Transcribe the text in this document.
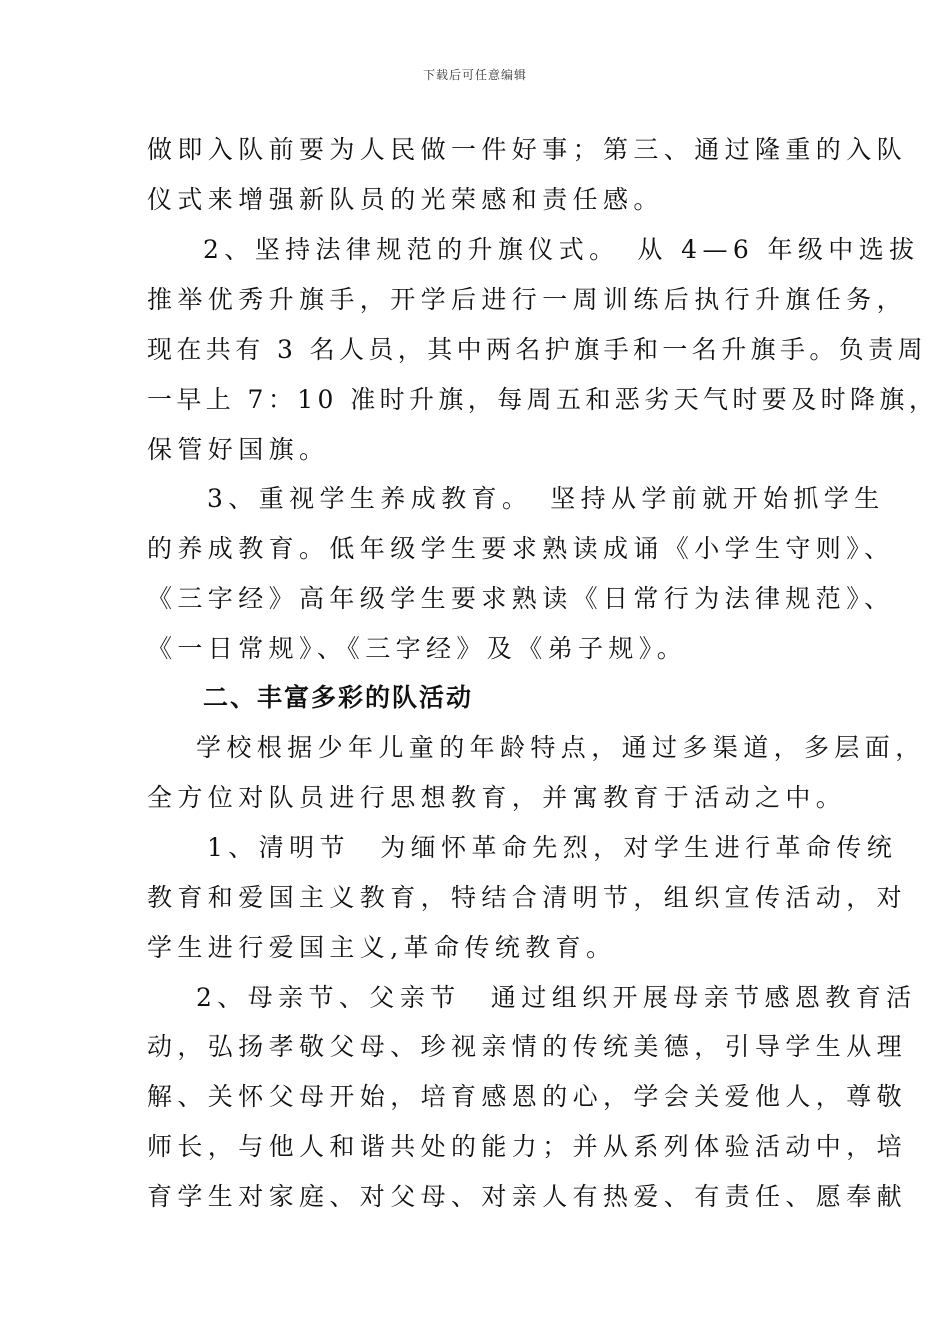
下载后可任意编辑
做即入队前要为人民做一件好事；第三、通过隆重的入队
仪式来增强新队员的光荣感和责任感。
2、坚持法律规范的升旗仪式。　从 4—6 年级中选拔
推举优秀升旗手，开学后进行一周训练后执行升旗任务，
现在共有 3 名人员，其中两名护旗手和一名升旗手。负责周
一早上 7：10 准时升旗，每周五和恶劣天气时要及时降旗，
保管好国旗。
3、重视学生养成教育。　坚持从学前就开始抓学生
的养成教育。低年级学生要求熟读成诵《小学生守则》、
《三字经》高年级学生要求熟读《日常行为法律规范》、
《一日常规》、《三字经》及《弟子规》。
二、丰富多彩的队活动
学校根据少年儿童的年龄特点，通过多渠道，多层面，
全方位对队员进行思想教育，并寓教育于活动之中。
1、清明节　为缅怀革命先烈，对学生进行革命传统
教育和爱国主义教育，特结合清明节，组织宣传活动，对
学生进行爱国主义,革命传统教育。
2、母亲节、父亲节　通过组织开展母亲节感恩教育活
动，弘扬孝敬父母、珍视亲情的传统美德，引导学生从理
解、关怀父母开始，培育感恩的心，学会关爱他人，尊敬
师长，与他人和谐共处的能力；并从系列体验活动中，培
育学生对家庭、对父母、对亲人有热爱、有责任、愿奉献
